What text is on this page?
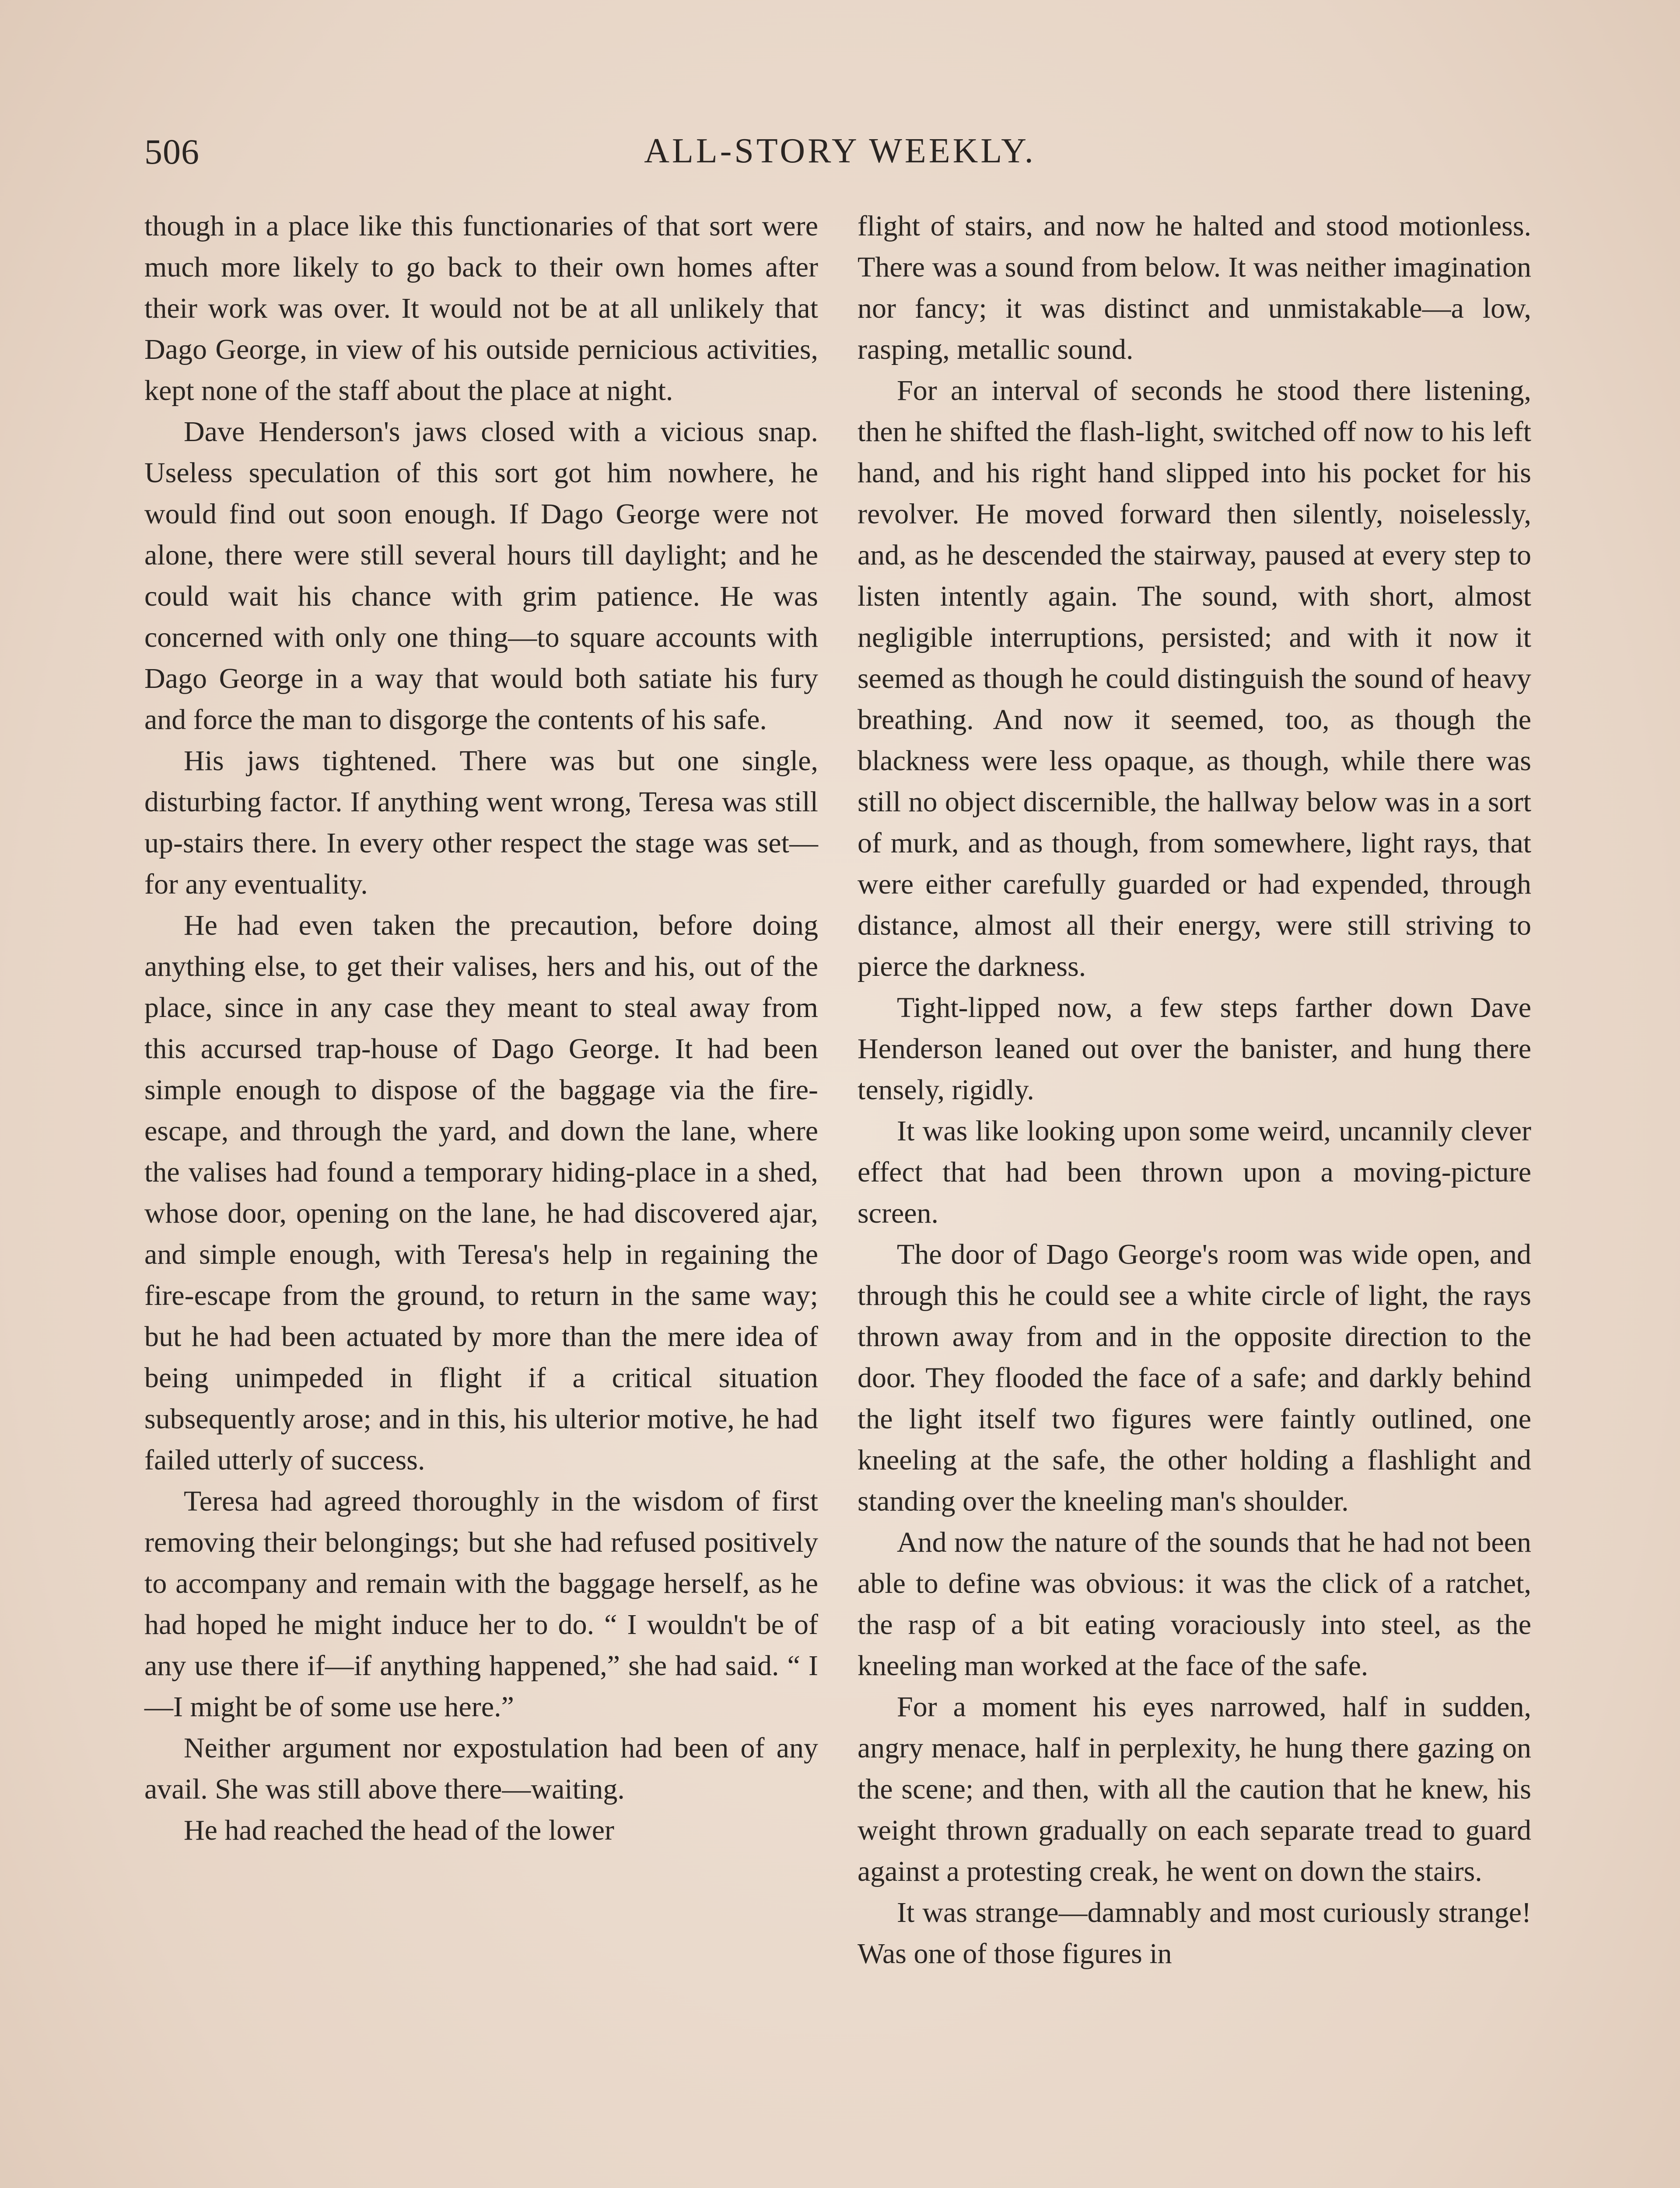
506	ALL-STORY WEEKLY.

though in a place like this functionaries of that sort were much more likely to go back to their own homes after their work was over. It would not be at all unlikely that Dago George, in view of his outside pernicious activities, kept none of the staff about the place at night.

Dave Henderson's jaws closed with a vicious snap. Useless speculation of this sort got him nowhere, he would find out soon enough. If Dago George were not alone, there were still several hours till daylight; and he could wait his chance with grim patience. He was concerned with only one thing—to square accounts with Dago George in a way that would both satiate his fury and force the man to disgorge the contents of his safe.

His jaws tightened. There was but one single, disturbing factor. If anything went wrong, Teresa was still up-stairs there. In every other respect the stage was set—for any eventuality.

He had even taken the precaution, before doing anything else, to get their valises, hers and his, out of the place, since in any case they meant to steal away from this accursed trap-house of Dago George. It had been simple enough to dispose of the baggage via the fire-escape, and through the yard, and down the lane, where the valises had found a temporary hiding-place in a shed, whose door, opening on the lane, he had discovered ajar, and simple enough, with Teresa's help in regaining the fire-escape from the ground, to return in the same way; but he had been actuated by more than the mere idea of being unimpeded in flight if a critical situation subsequently arose; and in this, his ulterior motive, he had failed utterly of success.

Teresa had agreed thoroughly in the wisdom of first removing their belongings; but she had refused positively to accompany and remain with the baggage herself, as he had hoped he might induce her to do. “ I wouldn't be of any use there if—if anything happened,” she had said. “ I—I might be of some use here.”

Neither argument nor expostulation had been of any avail. She was still above there—waiting.

He had reached the head of the lower

flight of stairs, and now he halted and stood motionless. There was a sound from below. It was neither imagination nor fancy; it was distinct and unmistakable—a low, rasping, metallic sound.

For an interval of seconds he stood there listening, then he shifted the flash-light, switched off now to his left hand, and his right hand slipped into his pocket for his revolver. He moved forward then silently, noiselessly, and, as he descended the stairway, paused at every step to listen intently again. The sound, with short, almost negligible interruptions, persisted; and with it now it seemed as though he could distinguish the sound of heavy breathing. And now it seemed, too, as though the blackness were less opaque, as though, while there was still no object discernible, the hallway below was in a sort of murk, and as though, from somewhere, light rays, that were either carefully guarded or had expended, through distance, almost all their energy, were still striving to pierce the darkness.

Tight-lipped now, a few steps farther down Dave Henderson leaned out over the banister, and hung there tensely, rigidly.

It was like looking upon some weird, uncannily clever effect that had been thrown upon a moving-picture screen.

The door of Dago George's room was wide open, and through this he could see a white circle of light, the rays thrown away from and in the opposite direction to the door. They flooded the face of a safe; and darkly behind the light itself two figures were faintly outlined, one kneeling at the safe, the other holding a flashlight and standing over the kneeling man's shoulder.

And now the nature of the sounds that he had not been able to define was obvious: it was the click of a ratchet, the rasp of a bit eating voraciously into steel, as the kneeling man worked at the face of the safe.

For a moment his eyes narrowed, half in sudden, angry menace, half in perplexity, he hung there gazing on the scene; and then, with all the caution that he knew, his weight thrown gradually on each separate tread to guard against a protesting creak, he went on down the stairs.

It was strange—damnably and most curiously strange! Was one of those figures in
